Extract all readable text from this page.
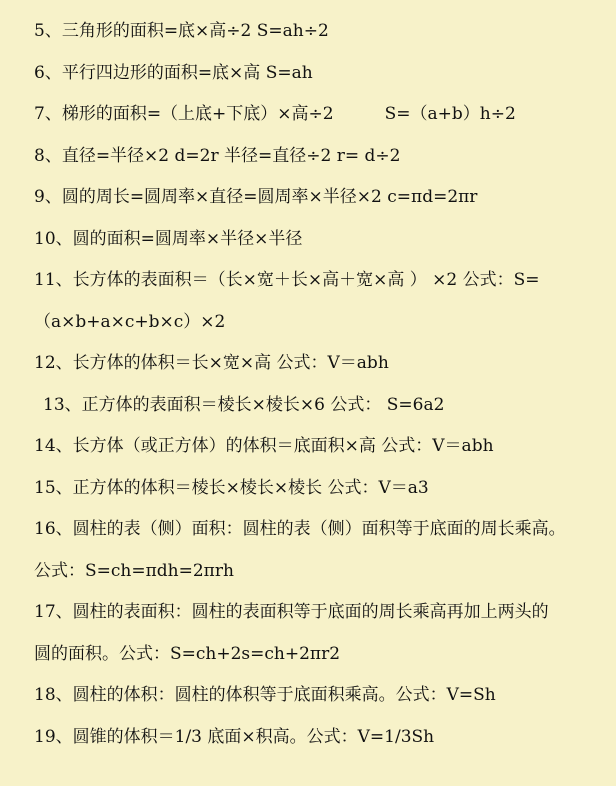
5、三角形的面积=底×高÷2 S=ah÷2
6、平行四边形的面积=底×高 S=ah
7、梯形的面积=（上底+下底）×高÷2　　　S=（a+b）h÷2
8、直径=半径×2 d=2r 半径=直径÷2 r= d÷2
9、圆的周长=圆周率×直径=圆周率×半径×2 c=πd=2πr
10、圆的面积=圆周率×半径×半径
11、长方体的表面积＝（长×宽＋长×高＋宽×高 ） ×2 公式：S=
（a×b+a×c+b×c）×2
12、长方体的体积＝长×宽×高 公式：V＝abh
13、正方体的表面积＝棱长×棱长×6 公式： S=6a2
14、长方体（或正方体）的体积＝底面积×高 公式：V＝abh
15、正方体的体积＝棱长×棱长×棱长 公式：V＝a3
16、圆柱的表（侧）面积：圆柱的表（侧）面积等于底面的周长乘高。
公式：S=ch=πdh=2πrh
17、圆柱的表面积：圆柱的表面积等于底面的周长乘高再加上两头的
圆的面积。公式：S=ch+2s=ch+2πr2
18、圆柱的体积：圆柱的体积等于底面积乘高。公式：V=Sh
19、圆锥的体积＝1/3 底面×积高。公式：V=1/3Sh
